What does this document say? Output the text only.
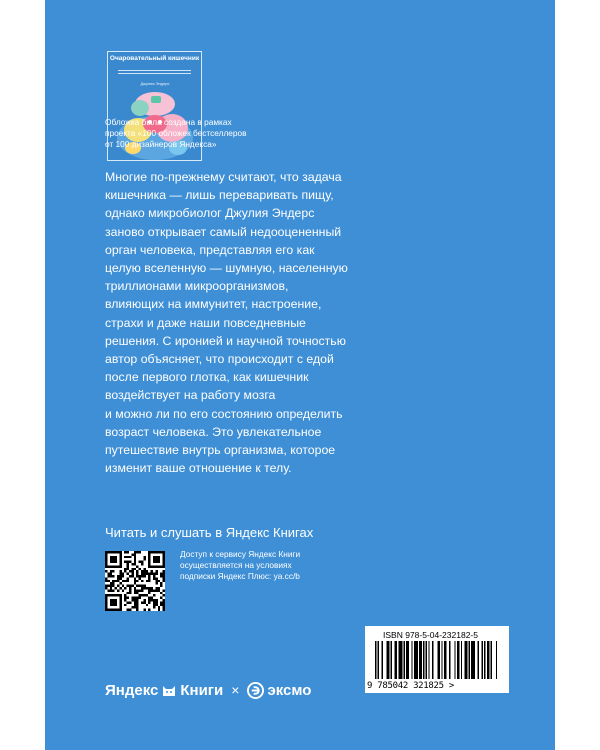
Очаровательный кишечник
Джулия Эндерс
Обложка была создана в рамках
проекта «100 обложек бестселлеров
от 100 дизайнеров Яндекса»
Многие по-прежнему считают, что задача
кишечника — лишь переваривать пищу,
однако микробиолог Джулия Эндерс
заново открывает самый недооцененный
орган человека, представляя его как
целую вселенную — шумную, населенную
триллионами микроорганизмов,
влияющих на иммунитет, настроение,
страхи и даже наши повседневные
решения. С иронией и научной точностью
автор объясняет, что происходит с едой
после первого глотка, как кишечник
воздействует на работу мозга
и можно ли по его состоянию определить
возраст человека. Это увлекательное
путешествие внутрь организма, которое
изменит ваше отношение к телу.
Читать и слушать в Яндекс Книгах
Доступ к сервису Яндекс Книги
осуществляется на условиях
подписки Яндекс Плюс: ya.cc/b
ISBN 978-5-04-232182-5
9 785042 321825 >
Яндекс Книги × эксмо
